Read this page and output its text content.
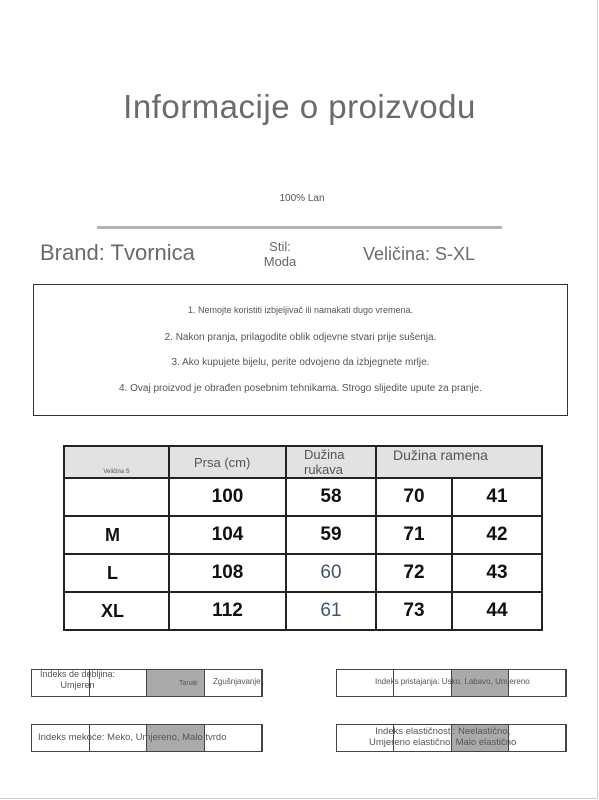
Informacije o proizvodu
100% Lan
Brand: Tvornica	Stil:
Moda	Veličina: S-XL
1. Nemojte koristiti izbjeljivač ili namakati dugo vremena.
2. Nakon pranja, prilagodite oblik odjevne stvari prije sušenja.
3. Ako kupujete bijelu, perite odvojeno da izbjegnete mrlje.
4. Ovaj proizvod je obrađen posebnim tehnikama. Strogo slijedite upute za pranje.
Veličina S	Prsa (cm)	Dužina rukava	Dužina ramena	
	100	58	70	41
M	104	59	71	42
L	108	60	72	43
XL	112	61	73	44
Indeks de debljina:
Umjeren	Tanak Zgušnjavanje	Indeks pristajanja: Usko, Labavo, Umjereno
Indeks mekoće: Meko, Umjereno, Malo tvrdo
Indeks elastičnosti: Neelastično,
Umjereno elastično, Malo elastično
